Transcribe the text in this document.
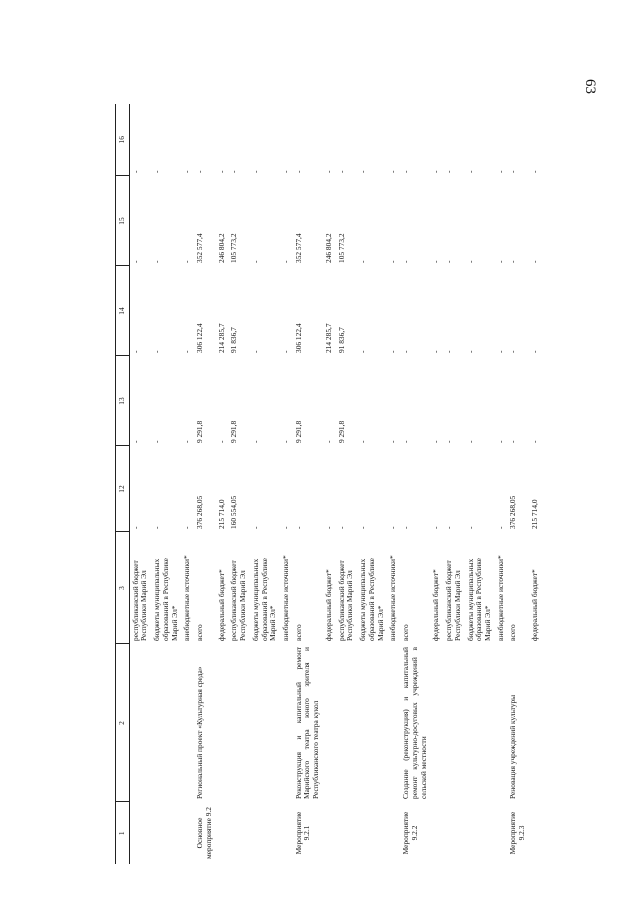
63
1	2	3	12	13	14	15	16
		республиканский бюджет Республики Марий Эл	-	-	-	-	-
		бюджеты муниципальных образований в Республике Марий Эл*	-	-	-	-	-
		внебюджетные источники*	-	-	-	-	-
Основное мероприятие 9.2	Региональный проект «Культурная среда»	всего	376 268,05	9 291,8	306 122,4	352 577,4	-
		федеральный бюджет*	215 714,0	-	214 285,7	246 804,2	-
		республиканский бюджет Республики Марий Эл	160 554,05	9 291,8	91 836,7	105 773,2	-
		бюджеты муниципальных образований в Республике Марий Эл*	-	-	-	-	-
		внебюджетные источники*	-	-	-	-	-
Мероприятие 9.2.1	Реконструкция и капитальный ремонт Марийского театра юного зрителя и Республиканского театра кукол	всего	-	9 291,8	306 122,4	352 577,4	-
		федеральный бюджет*	-	-	214 285,7	246 804,2	-
		республиканский бюджет Республики Марий Эл	-	9 291,8	91 836,7	105 773,2	-
		бюджеты муниципальных образований в Республике Марий Эл*	-	-	-	-	-
		внебюджетные источники*	-	-	-	-	-
Мероприятие 9.2.2	Создание (реконструкция) и капитальный ремонт культурно-досуговых учреждений в сельской местности	всего	-	-	-	-	-
		федеральный бюджет*	-	-	-	-	-
		республиканский бюджет Республики Марий Эл	-	-	-	-	-
		бюджеты муниципальных образований в Республике Марий Эл*	-	-	-	-	-
		внебюджетные источники*	-	-	-	-	-
Мероприятие 9.2.3	Реновация учреждений культуры	всего	376 268,05	-	-	-	-
		федеральный бюджет*	215 714,0	-	-	-	-
